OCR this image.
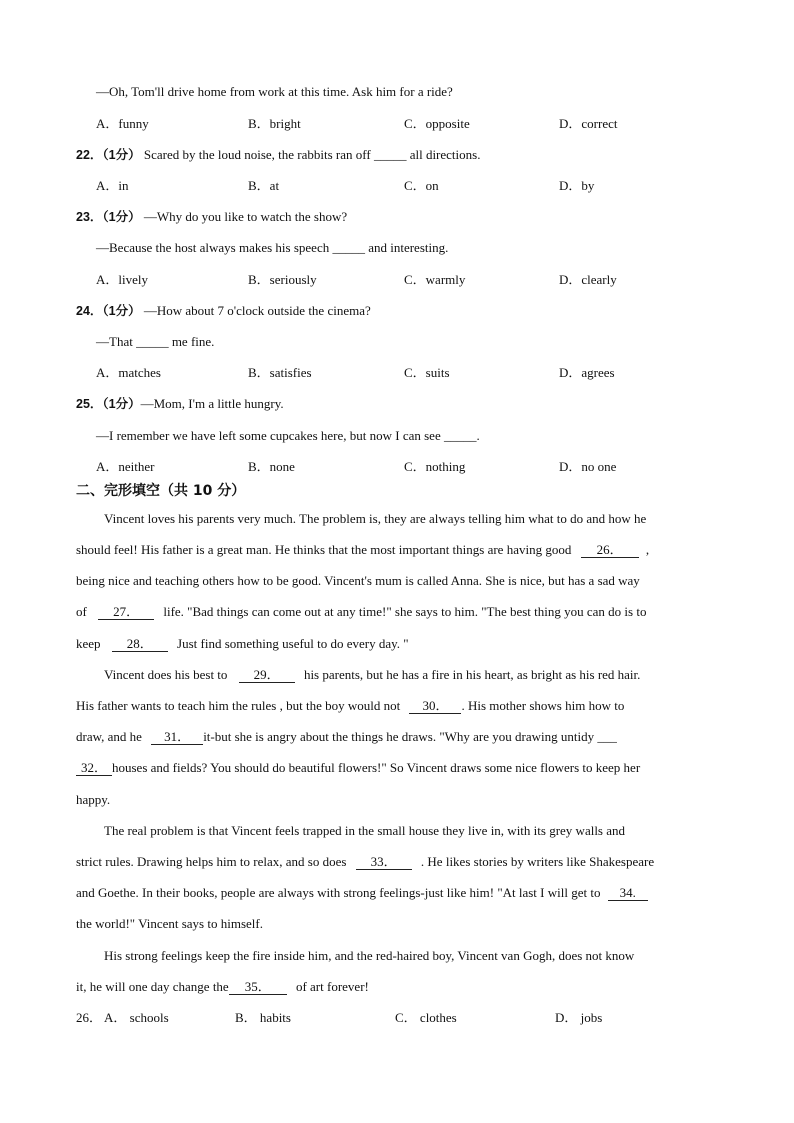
—Oh, Tom'll drive home from work at this time. Ask him for a ride?
A．funny	B．bright	C．opposite	D．correct
22．（1分） Scared by the loud noise, the rabbits ran off _____ all directions.
A．in	B．at	C．on	D．by
23．（1分） —Why do you like to watch the show?
—Because the host always makes his speech _____ and interesting.
A．lively	B．seriously	C．warmly	D．clearly
24．（1分） —How about 7 o'clock outside the cinema?
—That _____ me fine.
A．matches	B．satisfies	C．suits	D．agrees
25．（1分）—Mom, I'm a little hungry.
—I remember we have left some cupcakes here, but now I can see _____.
A．neither	B．none	C．nothing	D．no one
二、完形填空（共 10 分）
Vincent loves his parents very much. The problem is, they are always telling him what to do and how he
should feel! His father is a great man. He thinks that the most important things are having good 26． ,
being nice and teaching others how to be good. Vincent's mum is called Anna. She is nice, but has a sad way
of 27． life. "Bad things can come out at any time!" she says to him. "The best thing you can do is to
keep 28． Just find something useful to do every day. "
Vincent does his best to 29． his parents, but he has a fire in his heart, as bright as his red hair.
His father wants to teach him the rules , but the boy would not 30． . His mother shows him how to
draw, and he 31． it-but she is angry about the things he draws. "Why are you drawing untidy ___
32． houses and fields? You should do beautiful flowers!" So Vincent draws some nice flowers to keep her
happy.
The real problem is that Vincent feels trapped in the small house they live in, with its grey walls and
strict rules. Drawing helps him to relax, and so does 33． . He likes stories by writers like Shakespeare
and Goethe. In their books, people are always with strong feelings-just like him! "At last I will get to 34.
the world!" Vincent says to himself.
His strong feelings keep the fire inside him, and the red-haired boy, Vincent van Gogh, does not know
it, he will one day change the 35． of art forever!
26． A． schools	B． habits	C． clothes	D． jobs
